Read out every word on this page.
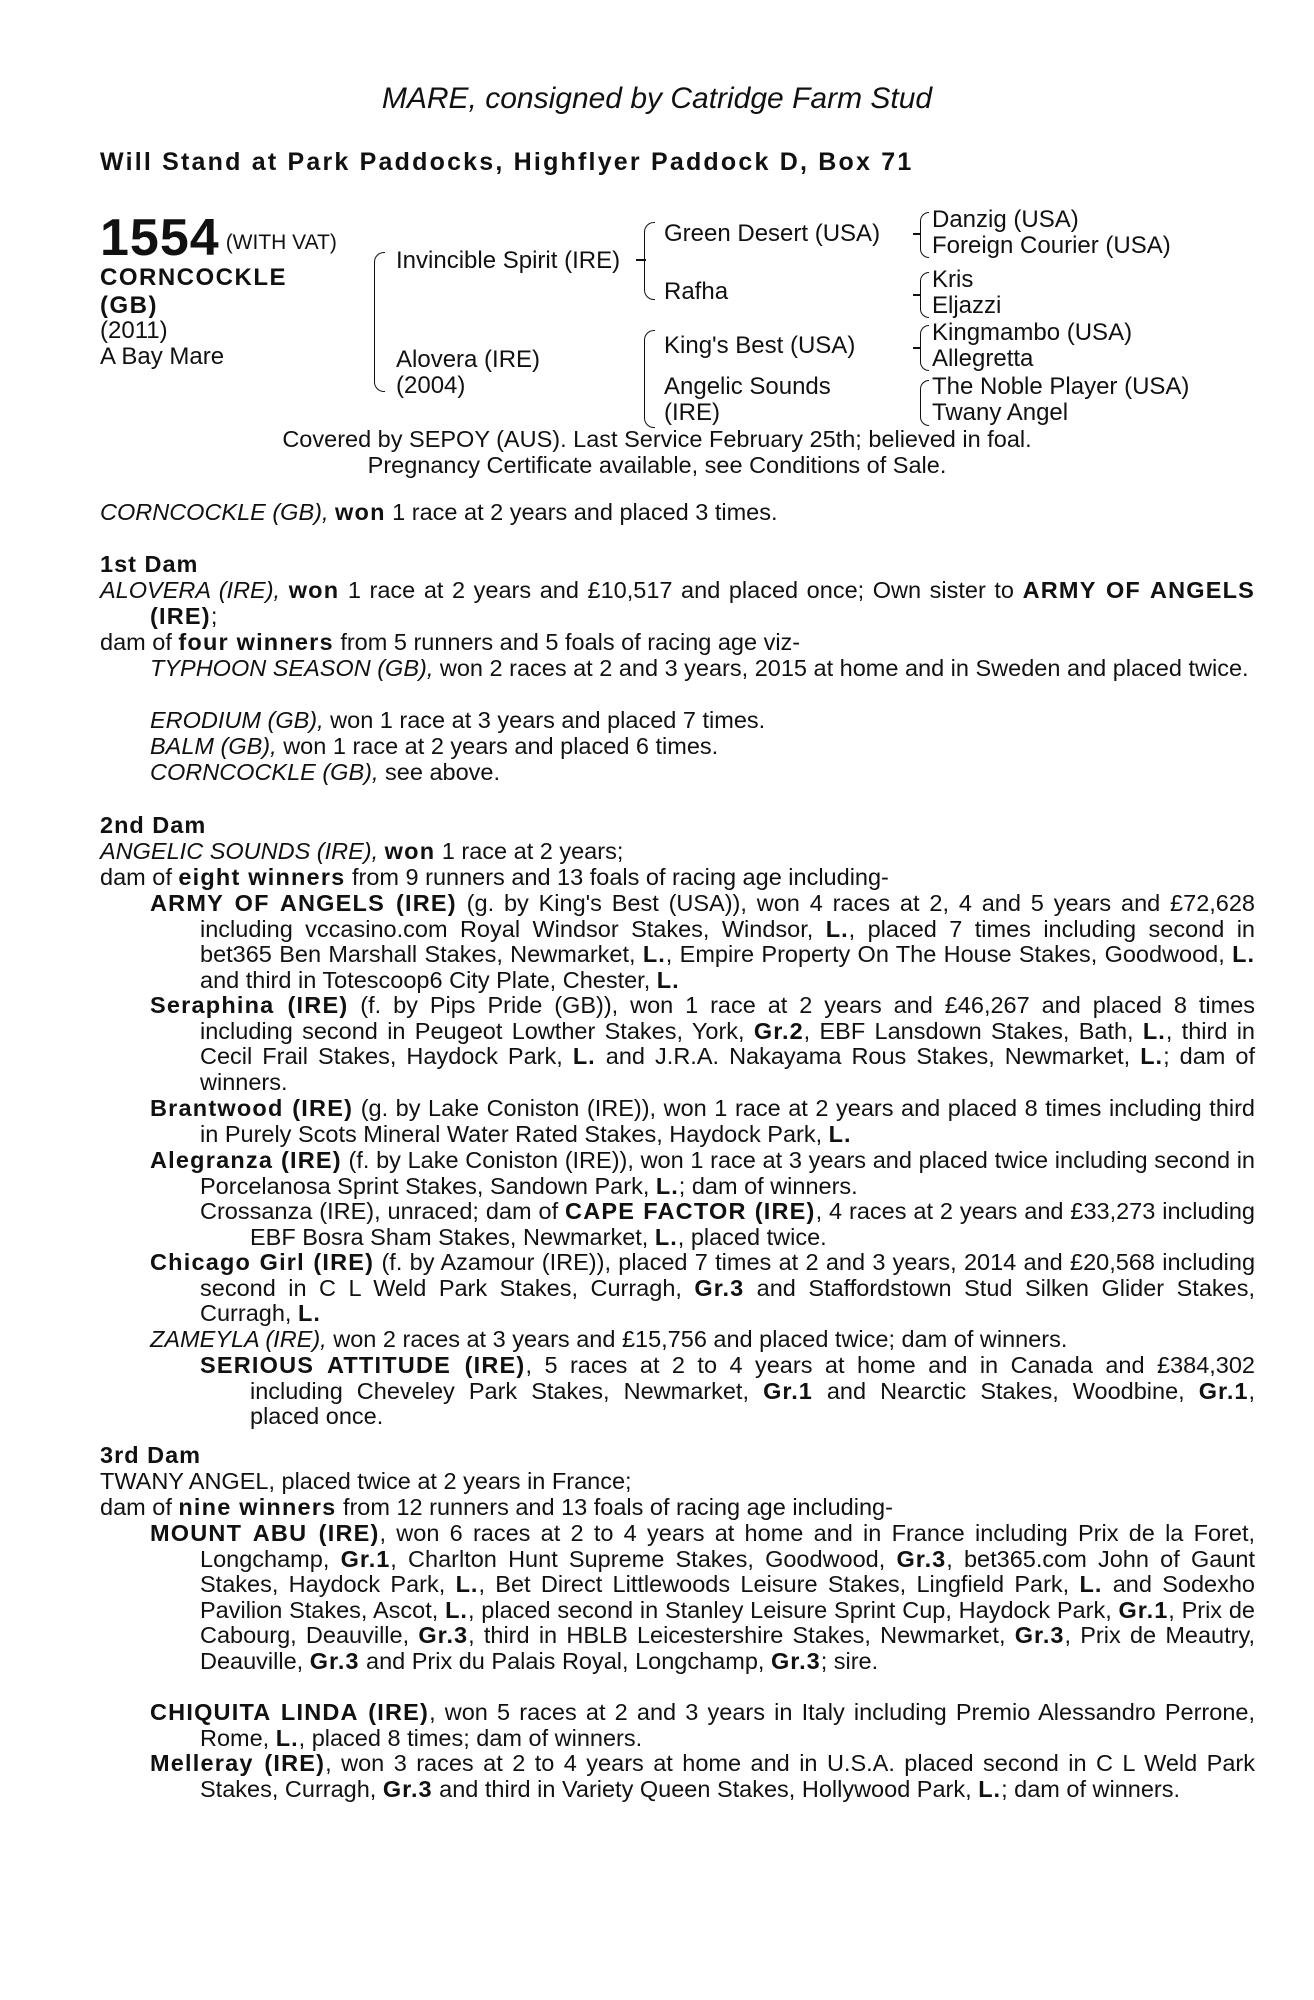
MARE, consigned by Catridge Farm Stud
Will Stand at Park Paddocks, Highflyer Paddock D, Box 71
1554 (WITH VAT)
CORNCOCKLE
(GB)
(2011)
A Bay Mare
Invincible Spirit (IRE)
Alovera (IRE)
(2004)
Green Desert (USA)
Rafha
King's Best (USA)
Angelic Sounds
(IRE)
Danzig (USA)
Foreign Courier (USA)
Kris
Eljazzi
Kingmambo (USA)
Allegretta
The Noble Player (USA)
Twany Angel
Covered by SEPOY (AUS). Last Service February 25th; believed in foal.
Pregnancy Certificate available, see Conditions of Sale.
CORNCOCKLE (GB), won 1 race at 2 years and placed 3 times.
1st Dam
ALOVERA (IRE), won 1 race at 2 years and £10,517 and placed once; Own sister to ARMY OF ANGELS (IRE);
dam of four winners from 5 runners and 5 foals of racing age viz-
TYPHOON SEASON (GB), won 2 races at 2 and 3 years, 2015 at home and in Sweden and placed twice.
ERODIUM (GB), won 1 race at 3 years and placed 7 times.
BALM (GB), won 1 race at 2 years and placed 6 times.
CORNCOCKLE (GB), see above.
2nd Dam
ANGELIC SOUNDS (IRE), won 1 race at 2 years;
dam of eight winners from 9 runners and 13 foals of racing age including-
ARMY OF ANGELS (IRE) (g. by King's Best (USA)), won 4 races at 2, 4 and 5 years and £72,628 including vccasino.com Royal Windsor Stakes, Windsor, L., placed 7 times including second in bet365 Ben Marshall Stakes, Newmarket, L., Empire Property On The House Stakes, Goodwood, L. and third in Totescoop6 City Plate, Chester, L.
Seraphina (IRE) (f. by Pips Pride (GB)), won 1 race at 2 years and £46,267 and placed 8 times including second in Peugeot Lowther Stakes, York, Gr.2, EBF Lansdown Stakes, Bath, L., third in Cecil Frail Stakes, Haydock Park, L. and J.R.A. Nakayama Rous Stakes, Newmarket, L.; dam of winners.
Brantwood (IRE) (g. by Lake Coniston (IRE)), won 1 race at 2 years and placed 8 times including third in Purely Scots Mineral Water Rated Stakes, Haydock Park, L.
Alegranza (IRE) (f. by Lake Coniston (IRE)), won 1 race at 3 years and placed twice including second in Porcelanosa Sprint Stakes, Sandown Park, L.; dam of winners.
Crossanza (IRE), unraced; dam of CAPE FACTOR (IRE), 4 races at 2 years and £33,273 including EBF Bosra Sham Stakes, Newmarket, L., placed twice.
Chicago Girl (IRE) (f. by Azamour (IRE)), placed 7 times at 2 and 3 years, 2014 and £20,568 including second in C L Weld Park Stakes, Curragh, Gr.3 and Staffordstown Stud Silken Glider Stakes, Curragh, L.
ZAMEYLA (IRE), won 2 races at 3 years and £15,756 and placed twice; dam of winners.
SERIOUS ATTITUDE (IRE), 5 races at 2 to 4 years at home and in Canada and £384,302 including Cheveley Park Stakes, Newmarket, Gr.1 and Nearctic Stakes, Woodbine, Gr.1, placed once.
3rd Dam
TWANY ANGEL, placed twice at 2 years in France;
dam of nine winners from 12 runners and 13 foals of racing age including-
MOUNT ABU (IRE), won 6 races at 2 to 4 years at home and in France including Prix de la Foret, Longchamp, Gr.1, Charlton Hunt Supreme Stakes, Goodwood, Gr.3, bet365.com John of Gaunt Stakes, Haydock Park, L., Bet Direct Littlewoods Leisure Stakes, Lingfield Park, L. and Sodexho Pavilion Stakes, Ascot, L., placed second in Stanley Leisure Sprint Cup, Haydock Park, Gr.1, Prix de Cabourg, Deauville, Gr.3, third in HBLB Leicestershire Stakes, Newmarket, Gr.3, Prix de Meautry, Deauville, Gr.3 and Prix du Palais Royal, Longchamp, Gr.3; sire.
CHIQUITA LINDA (IRE), won 5 races at 2 and 3 years in Italy including Premio Alessandro Perrone, Rome, L., placed 8 times; dam of winners.
Melleray (IRE), won 3 races at 2 to 4 years at home and in U.S.A. placed second in C L Weld Park Stakes, Curragh, Gr.3 and third in Variety Queen Stakes, Hollywood Park, L.; dam of winners.
